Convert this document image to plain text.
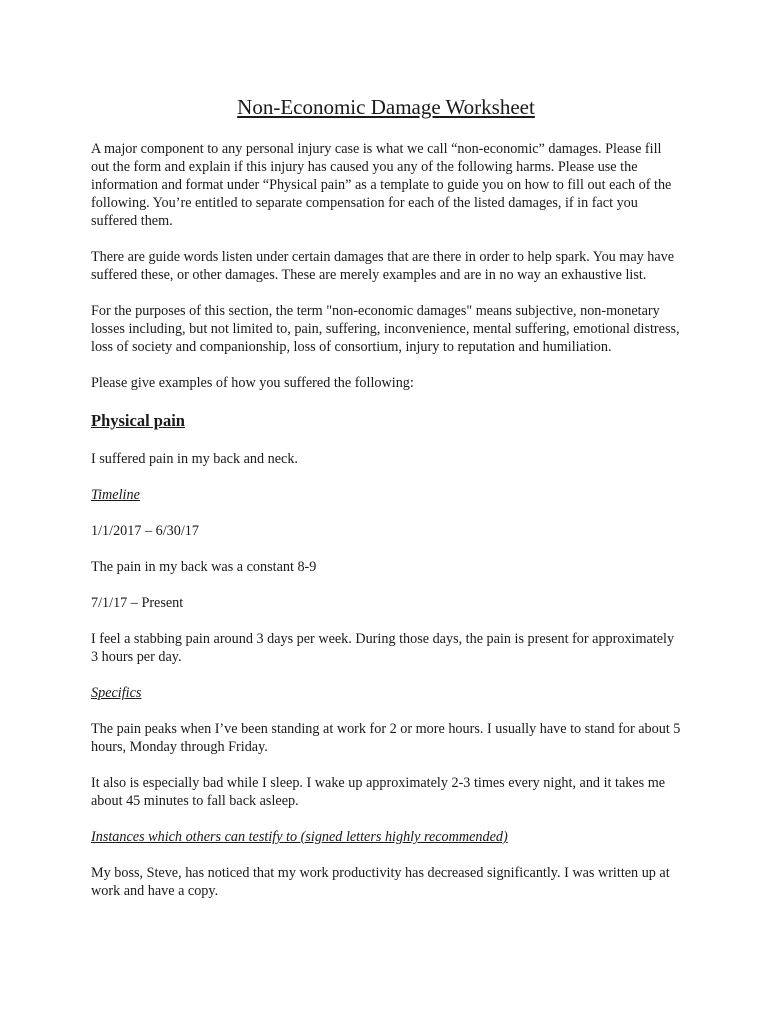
Non-Economic Damage Worksheet

A major component to any personal injury case is what we call “non-economic” damages. Please fill out the form and explain if this injury has caused you any of the following harms. Please use the information and format under “Physical pain” as a template to guide you on how to fill out each of the following. You’re entitled to separate compensation for each of the listed damages, if in fact you suffered them.

There are guide words listen under certain damages that are there in order to help spark. You may have suffered these, or other damages. These are merely examples and are in no way an exhaustive list.

For the purposes of this section, the term "non-economic damages" means subjective, non-monetary losses including, but not limited to, pain, suffering, inconvenience, mental suffering, emotional distress, loss of society and companionship, loss of consortium, injury to reputation and humiliation.

Please give examples of how you suffered the following:

Physical pain

I suffered pain in my back and neck.

Timeline

1/1/2017 – 6/30/17

The pain in my back was a constant 8-9

7/1/17 – Present

I feel a stabbing pain around 3 days per week. During those days, the pain is present for approximately 3 hours per day.

Specifics

The pain peaks when I’ve been standing at work for 2 or more hours. I usually have to stand for about 5 hours, Monday through Friday.

It also is especially bad while I sleep. I wake up approximately 2-3 times every night, and it takes me about 45 minutes to fall back asleep.

Instances which others can testify to (signed letters highly recommended)

My boss, Steve, has noticed that my work productivity has decreased significantly. I was written up at work and have a copy.
